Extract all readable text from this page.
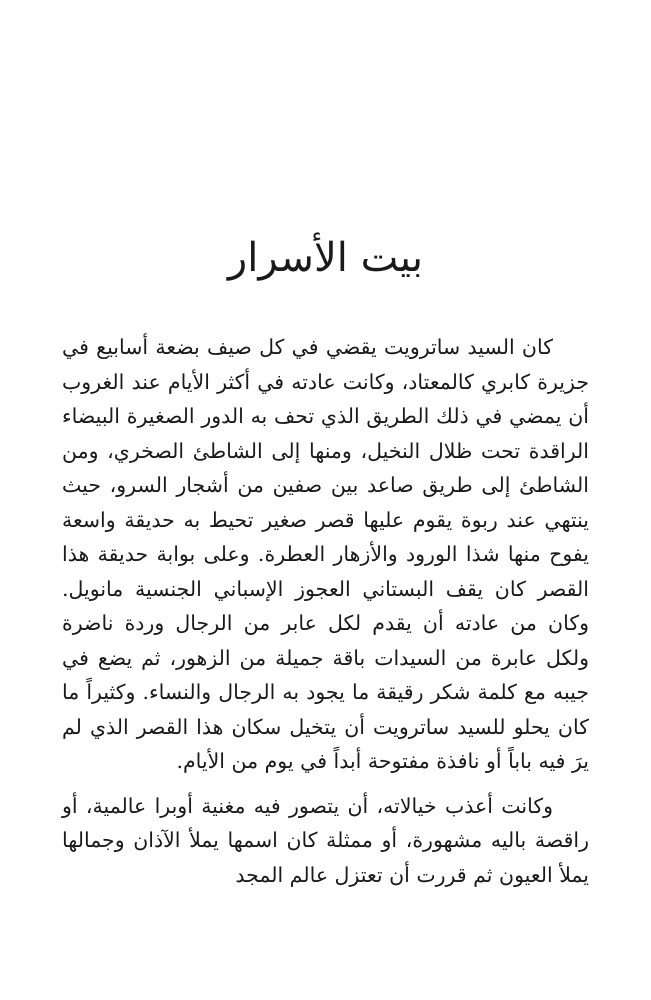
بيت الأسرار

كان السيد ساترويت يقضي في كل صيف بضعة أسابيع في جزيرة كابري كالمعتاد، وكانت عادته في أكثر الأيام عند الغروب أن يمضي في ذلك الطريق الذي تحف به الدور الصغيرة البيضاء الراقدة تحت ظلال النخيل، ومنها إلى الشاطئ الصخري، ومن الشاطئ إلى طريق صاعد بين صفين من أشجار السرو، حيث ينتهي عند ربوة يقوم عليها قصر صغير تحيط به حديقة واسعة يفوح منها شذا الورود والأزهار العطرة. وعلى بوابة حديقة هذا القصر كان يقف البستاني العجوز الإسباني الجنسية مانويل. وكان من عادته أن يقدم لكل عابر من الرجال وردة ناضرة ولكل عابرة من السيدات باقة جميلة من الزهور، ثم يضع في جيبه مع كلمة شكر رقيقة ما يجود به الرجال والنساء. وكثيراً ما كان يحلو للسيد ساترويت أن يتخيل سكان هذا القصر الذي لم يرَ فيه باباً أو نافذة مفتوحة أبداً في يوم من الأيام.

وكانت أعذب خيالاته، أن يتصور فيه مغنية أوبرا عالمية، أو راقصة باليه مشهورة، أو ممثلة كان اسمها يملأ الآذان وجمالها يملأ العيون ثم قررت أن تعتزل عالم المجد
